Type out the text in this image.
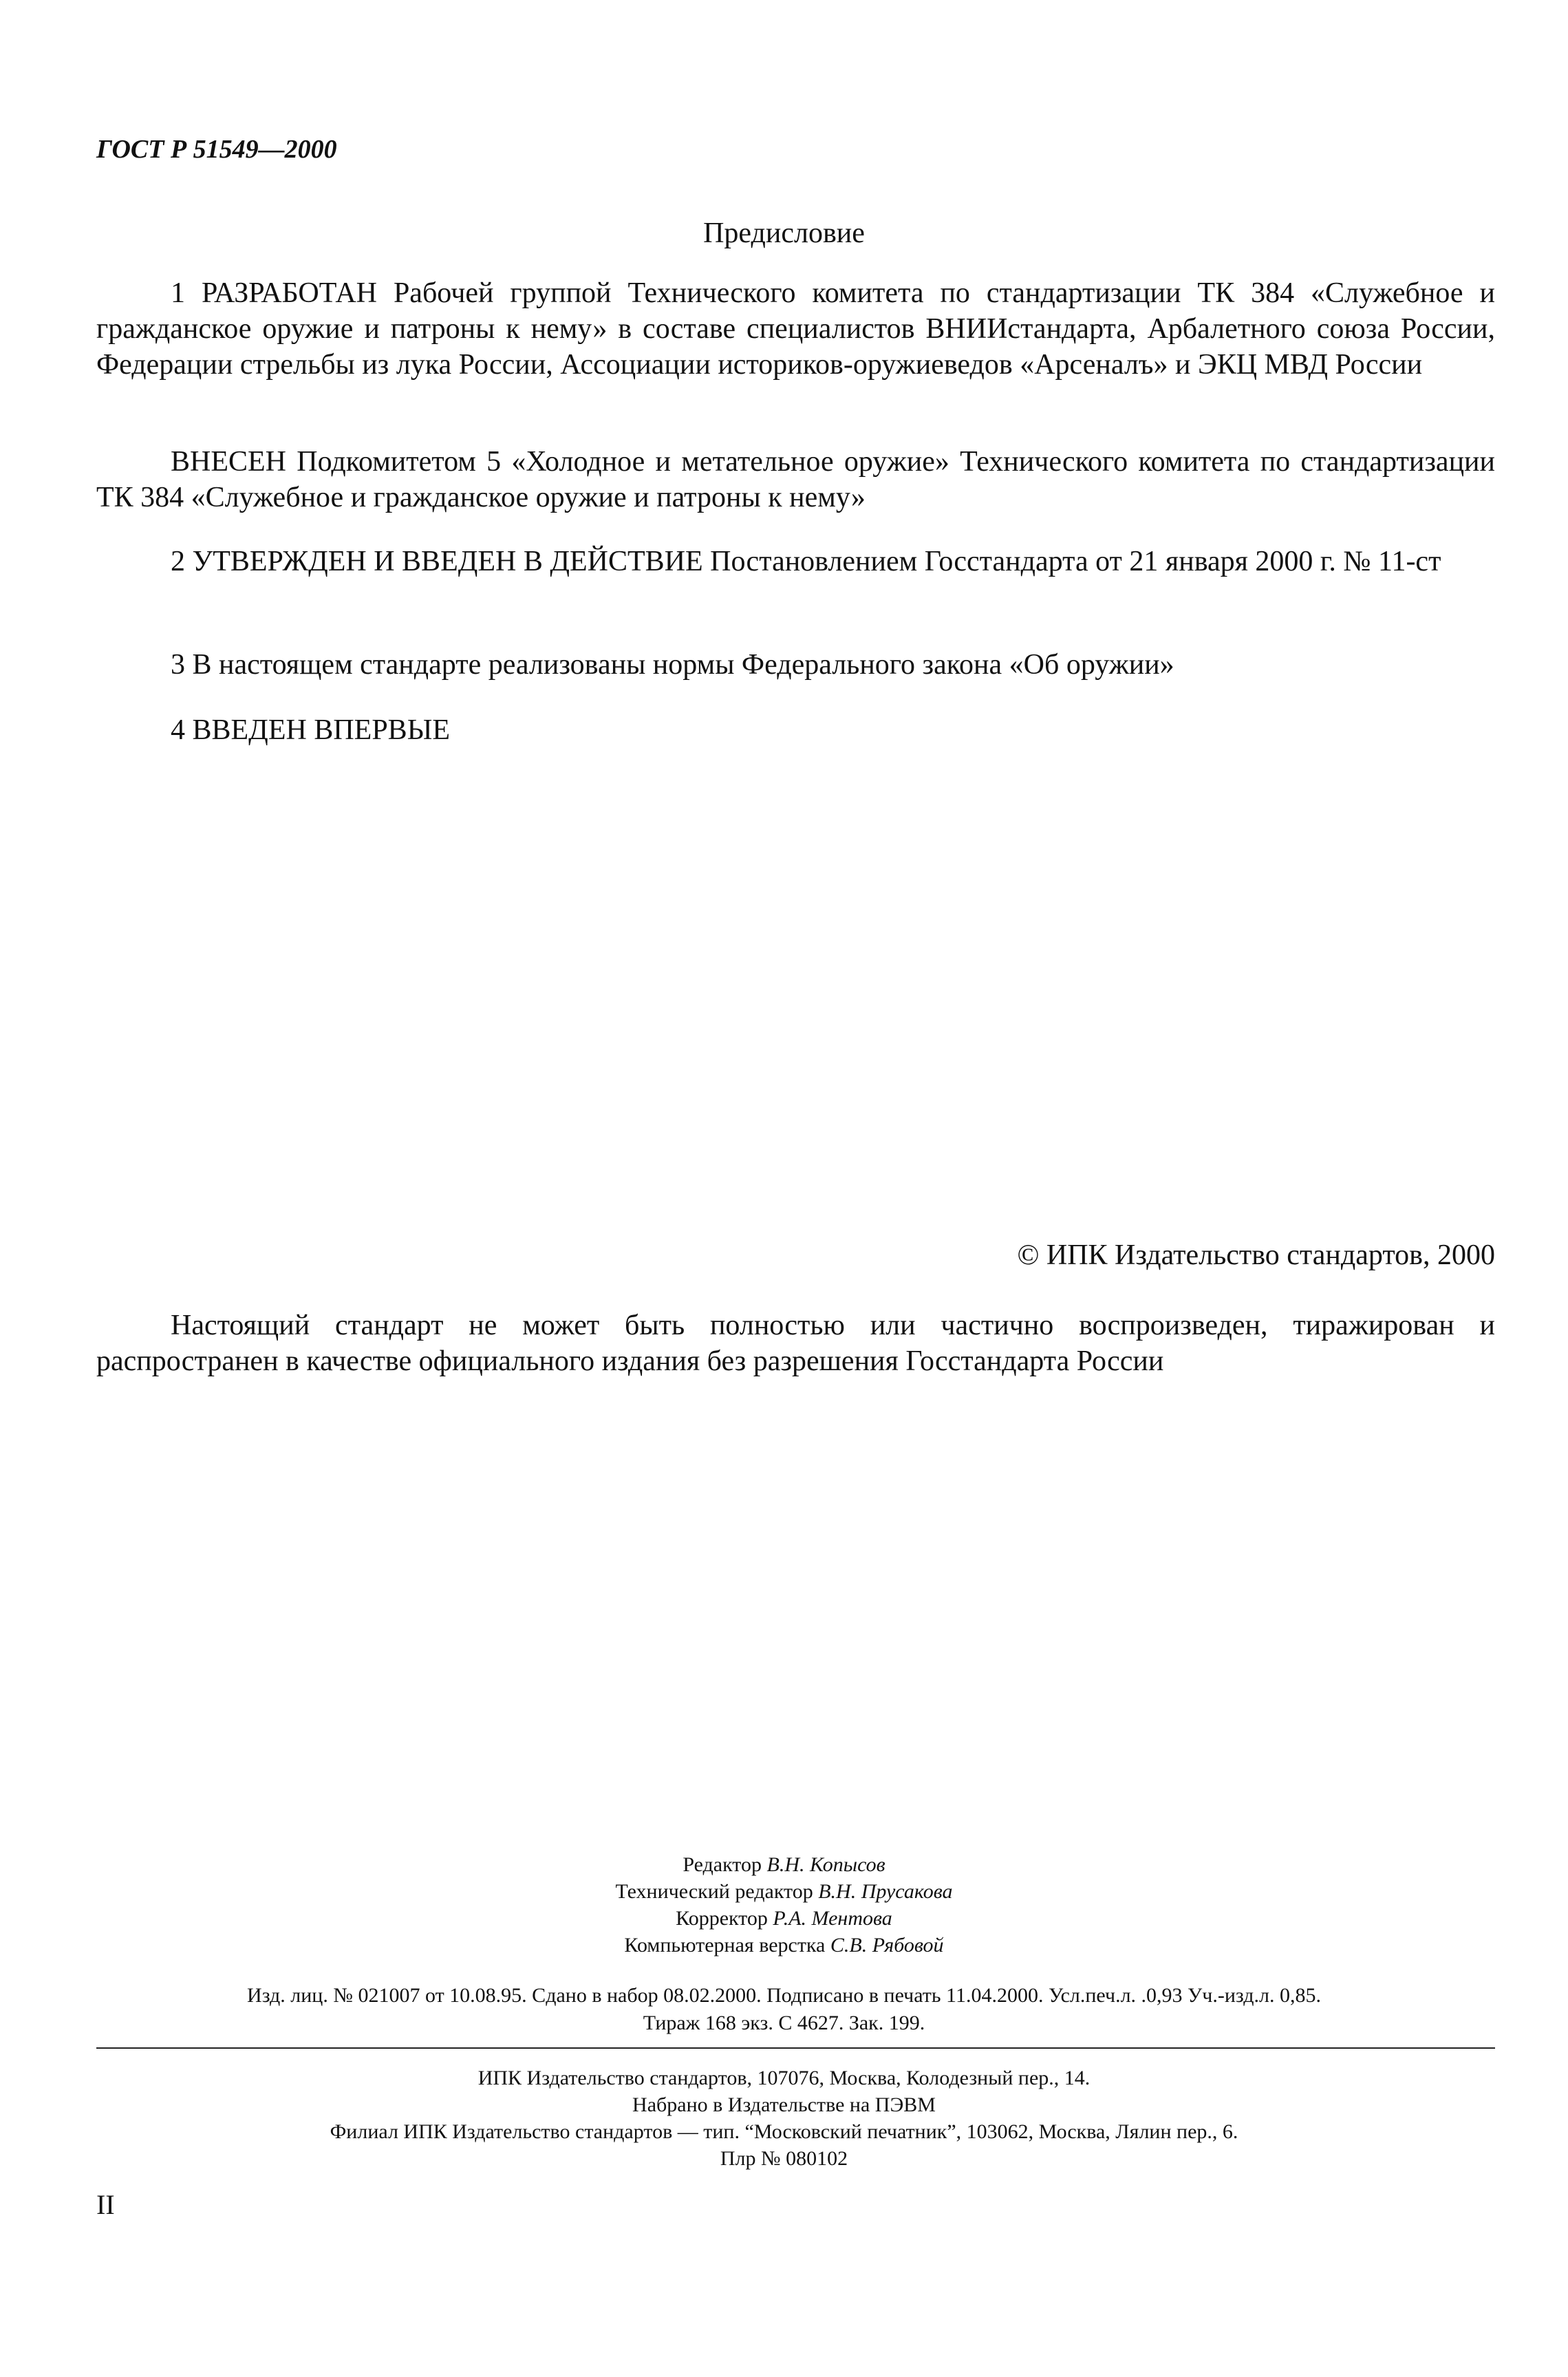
ГОСТ Р 51549—2000
Предисловие
1 РАЗРАБОТАН Рабочей группой Технического комитета по стандартизации ТК 384 «Служебное и гражданское оружие и патроны к нему» в составе специалистов ВНИИстандарта, Арбалетного союза России, Федерации стрельбы из лука России, Ассоциации историков-оружиеведов «Арсеналъ» и ЭКЦ МВД России
ВНЕСЕН Подкомитетом 5 «Холодное и метательное оружие» Технического комитета по стандартизации ТК 384 «Служебное и гражданское оружие и патроны к нему»
2 УТВЕРЖДЕН И ВВЕДЕН В ДЕЙСТВИЕ Постановлением Госстандарта от 21 января 2000 г. № 11-ст
3 В настоящем стандарте реализованы нормы Федерального закона «Об оружии»
4 ВВЕДЕН ВПЕРВЫЕ
© ИПК Издательство стандартов, 2000
Настоящий стандарт не может быть полностью или частично воспроизведен, тиражирован и распространен в качестве официального издания без разрешения Госстандарта России
Редактор В.Н. Копысов
Технический редактор В.Н. Прусакова
Корректор Р.А. Ментова
Компьютерная верстка С.В. Рябовой
Изд. лиц. № 021007 от 10.08.95. Сдано в набор 08.02.2000. Подписано в печать 11.04.2000. Усл.печ.л. .0,93 Уч.-изд.л. 0,85.
Тираж 168 экз. С 4627. Зак. 199.
ИПК Издательство стандартов, 107076, Москва, Колодезный пер., 14.
Набрано в Издательстве на ПЭВМ
Филиал ИПК Издательство стандартов — тип. “Московский печатник”, 103062, Москва, Лялин пер., 6.
Плр № 080102
II
